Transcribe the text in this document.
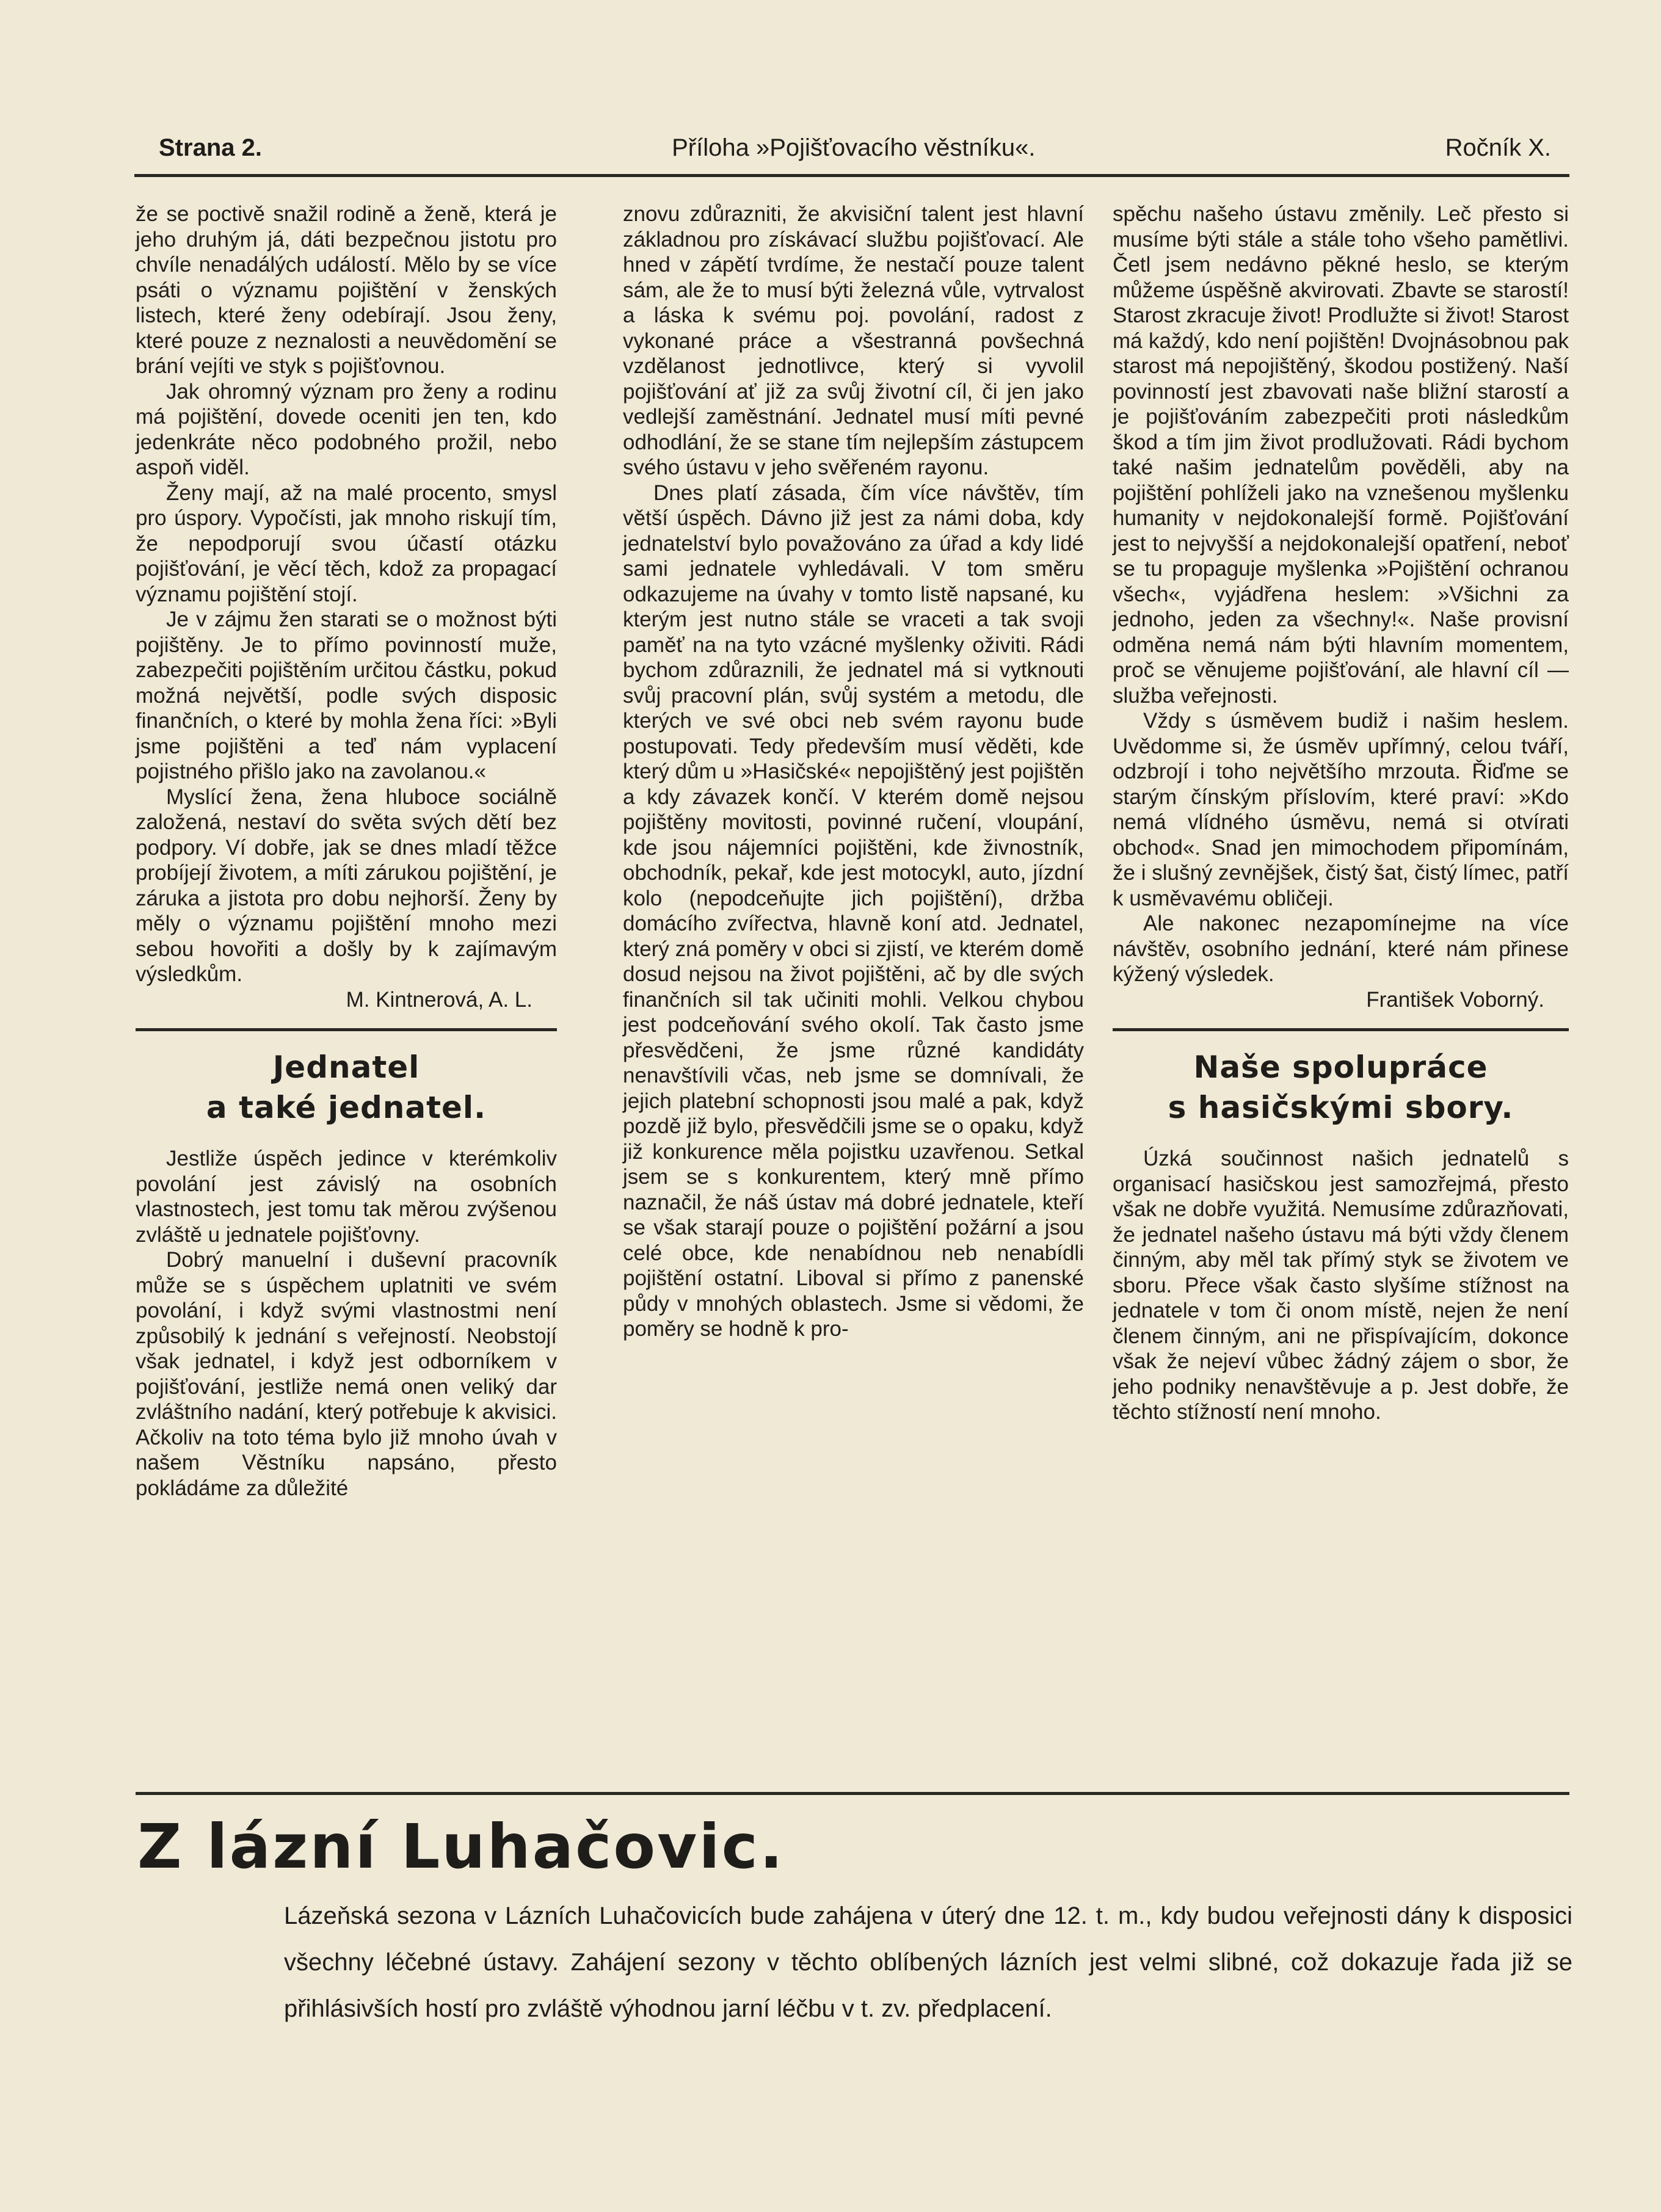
Strana 2.	Příloha »Pojišťovacího věstníku«.	Ročník X.

že se poctivě snažil rodině a ženě, která je jeho druhým já, dáti bezpečnou jistotu pro chvíle nenadálých událostí. Mělo by se více psáti o významu pojištění v ženských listech, které ženy odebírají. Jsou ženy, které pouze z neznalosti a neuvědomění se brání vejíti ve styk s pojišťovnou.

Jak ohromný význam pro ženy a rodinu má pojištění, dovede oceniti jen ten, kdo jedenkráte něco podobného prožil, nebo aspoň viděl.

Ženy mají, až na malé procento, smysl pro úspory. Vypočísti, jak mnoho riskují tím, že nepodporují svou účastí otázku pojišťování, je věcí těch, kdož za propagací významu pojištění stojí.

Je v zájmu žen starati se o možnost býti pojištěny. Je to přímo povinností muže, zabezpečiti pojištěním určitou částku, pokud možná největší, podle svých disposic finančních, o které by mohla žena říci: »Byli jsme pojištěni a teď nám vyplacení pojistného přišlo jako na zavolanou.«

Myslící žena, žena hluboce sociálně založená, nestaví do světa svých dětí bez podpory. Ví dobře, jak se dnes mladí těžce probíjejí životem, a míti zárukou pojištění, je záruka a jistota pro dobu nejhorší. Ženy by měly o významu pojištění mnoho mezi sebou hovořiti a došly by k zajímavým výsledkům.

M. Kintnerová, A. L.

Jednatel
a také jednatel.

Jestliže úspěch jedince v kterémkoliv povolání jest závislý na osobních vlastnostech, jest tomu tak měrou zvýšenou zvláště u jednatele pojišťovny.

Dobrý manuelní i duševní pracovník může se s úspěchem uplatniti ve svém povolání, i když svými vlastnostmi není způsobilý k jednání s veřejností. Neobstojí však jednatel, i když jest odborníkem v pojišťování, jestliže nemá onen veliký dar zvláštního nadání, který potřebuje k akvisici. Ačkoliv na toto téma bylo již mnoho úvah v našem Věstníku napsáno, přesto pokládáme za důležité

znovu zdůrazniti, že akvisiční talent jest hlavní základnou pro získávací službu pojišťovací. Ale hned v zápětí tvrdíme, že nestačí pouze talent sám, ale že to musí býti železná vůle, vytrvalost a láska k svému poj. povolání, radost z vykonané práce a všestranná povšechná vzdělanost jednotlivce, který si vyvolil pojišťování ať již za svůj životní cíl, či jen jako vedlejší zaměstnání. Jednatel musí míti pevné odhodlání, že se stane tím nejlepším zástupcem svého ústavu v jeho svěřeném rayonu.

Dnes platí zásada, čím více návštěv, tím větší úspěch. Dávno již jest za námi doba, kdy jednatelství bylo považováno za úřad a kdy lidé sami jednatele vyhledávali. V tom směru odkazujeme na úvahy v tomto listě napsané, ku kterým jest nutno stále se vraceti a tak svoji paměť na na tyto vzácné myšlenky oživiti. Rádi bychom zdůraznili, že jednatel má si vytknouti svůj pracovní plán, svůj systém a metodu, dle kterých ve své obci neb svém rayonu bude postupovati. Tedy především musí věděti, kde který dům u »Hasičské« nepojištěný jest pojištěn a kdy závazek končí. V kterém domě nejsou pojištěny movitosti, povinné ručení, vloupání, kde jsou nájemníci pojištěni, kde živnostník, obchodník, pekař, kde jest motocykl, auto, jízdní kolo (nepodceňujte jich pojištění), držba domácího zvířectva, hlavně koní atd. Jednatel, který zná poměry v obci si zjistí, ve kterém domě dosud nejsou na život pojištěni, ač by dle svých finančních sil tak učiniti mohli. Velkou chybou jest podceňování svého okolí. Tak často jsme přesvědčeni, že jsme různé kandidáty nenavštívili včas, neb jsme se domnívali, že jejich platební schopnosti jsou malé a pak, když pozdě již bylo, přesvědčili jsme se o opaku, když již konkurence měla pojistku uzavřenou. Setkal jsem se s konkurentem, který mně přímo naznačil, že náš ústav má dobré jednatele, kteří se však starají pouze o pojištění požární a jsou celé obce, kde nenabídnou neb nenabídli pojištění ostatní. Liboval si přímo z panenské půdy v mnohých oblastech. Jsme si vědomi, že poměry se hodně k pro-

spěchu našeho ústavu změnily. Leč přesto si musíme býti stále a stále toho všeho pamětlivi. Četl jsem nedávno pěkné heslo, se kterým můžeme úspěšně akvirovati. Zbavte se starostí! Starost zkracuje život! Prodlužte si život! Starost má každý, kdo není pojištěn! Dvojnásobnou pak starost má nepojištěný, škodou postižený. Naší povinností jest zbavovati naše bližní starostí a je pojišťováním zabezpečiti proti následkům škod a tím jim život prodlužovati. Rádi bychom také našim jednatelům pověděli, aby na pojištění pohlíželi jako na vznešenou myšlenku humanity v nejdokonalejší formě. Pojišťování jest to nejvyšší a nejdokonalejší opatření, neboť se tu propaguje myšlenka »Pojištění ochranou všech«, vyjádřena heslem: »Všichni za jednoho, jeden za všechny!«. Naše provisní odměna nemá nám býti hlavním momentem, proč se věnujeme pojišťování, ale hlavní cíl — služba veřejnosti.

Vždy s úsměvem budiž i našim heslem. Uvědomme si, že úsměv upřímný, celou tváří, odzbrojí i toho největšího mrzouta. Řiďme se starým čínským příslovím, které praví: »Kdo nemá vlídného úsměvu, nemá si otvírati obchod«. Snad jen mimochodem připomínám, že i slušný zevnějšek, čistý šat, čistý límec, patří k usměvavému obličeji.

Ale nakonec nezapomínejme na více návštěv, osobního jednání, které nám přinese kýžený výsledek.

František Voborný.

Naše spolupráce
s hasičskými sbory.

Úzká součinnost našich jednatelů s organisací hasičskou jest samozřejmá, přesto však ne dobře využitá. Nemusíme zdůrazňovati, že jednatel našeho ústavu má býti vždy členem činným, aby měl tak přímý styk se životem ve sboru. Přece však často slyšíme stížnost na jednatele v tom či onom místě, nejen že není členem činným, ani ne přispívajícím, dokonce však že nejeví vůbec žádný zájem o sbor, že jeho podniky nenavštěvuje a p. Jest dobře, že těchto stížností není mnoho.

Z lázní Luhačovic.
Lázeňská sezona v Lázních Luhačovicích bude zahájena v úterý dne 12. t. m., kdy budou veřejnosti dány k disposici všechny léčebné ústavy. Zahájení sezony v těchto oblíbených lázních jest velmi slibné, což dokazuje řada již se přihlásivších hostí pro zvláště výhodnou jarní léčbu v t. zv. předplacení.
